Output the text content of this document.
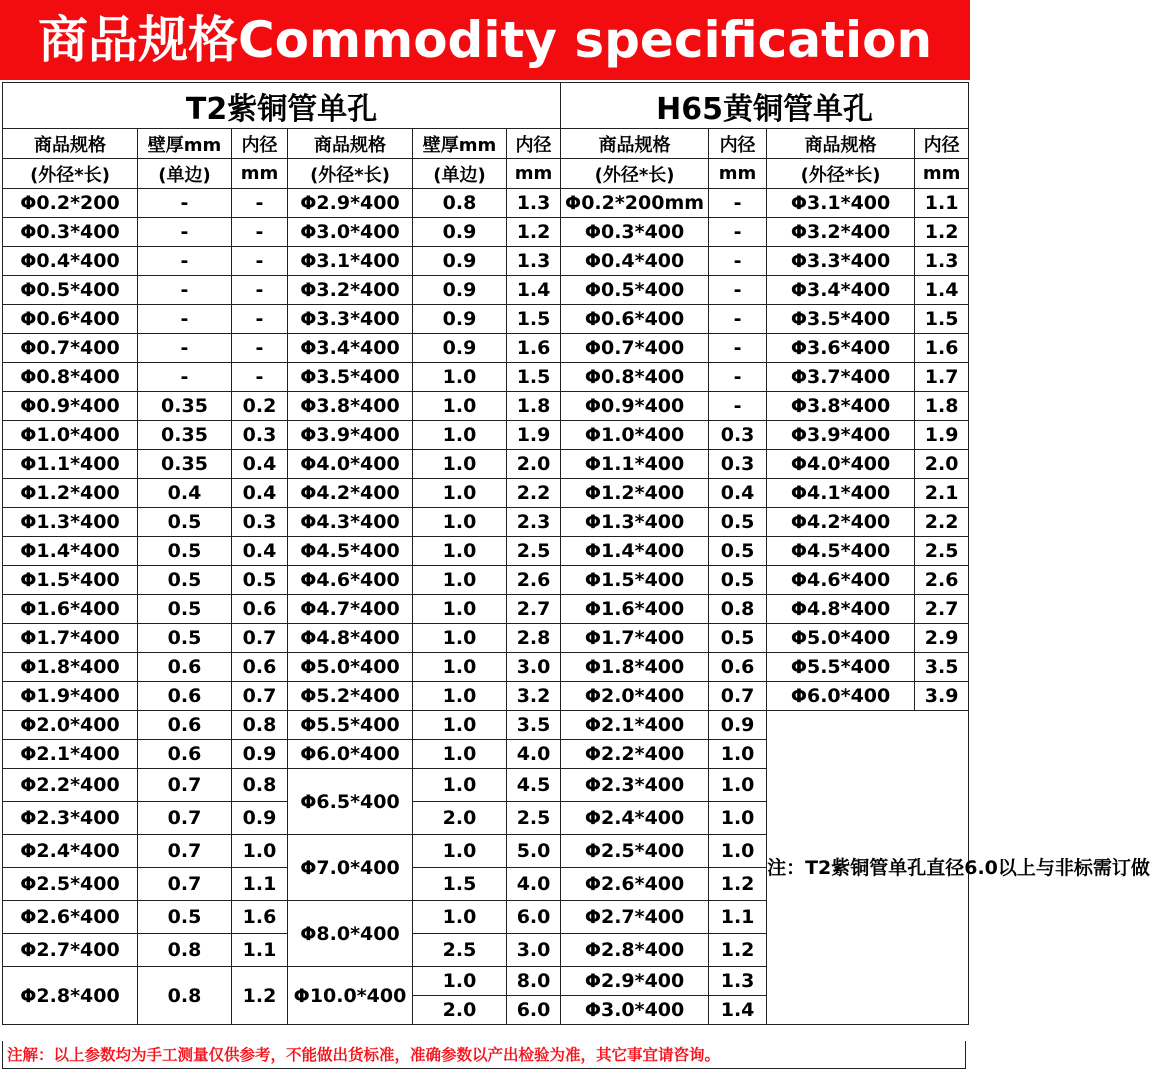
商品规格Commodity specification
T2紫铜管单孔						H65黄铜管单孔			
商品规格	壁厚mm	内径	商品规格	壁厚mm	内径	商品规格	内径	商品规格	内径
(外径*长)	(单边)	mm	(外径*长)	(单边)	mm	(外径*长)	mm	(外径*长)	mm
Φ0.2*200	-	-	Φ2.9*400	0.8	1.3	Φ0.2*200mm	-	Φ3.1*400	1.1
Φ0.3*400	-	-	Φ3.0*400	0.9	1.2	Φ0.3*400	-	Φ3.2*400	1.2
Φ0.4*400	-	-	Φ3.1*400	0.9	1.3	Φ0.4*400	-	Φ3.3*400	1.3
Φ0.5*400	-	-	Φ3.2*400	0.9	1.4	Φ0.5*400	-	Φ3.4*400	1.4
Φ0.6*400	-	-	Φ3.3*400	0.9	1.5	Φ0.6*400	-	Φ3.5*400	1.5
Φ0.7*400	-	-	Φ3.4*400	0.9	1.6	Φ0.7*400	-	Φ3.6*400	1.6
Φ0.8*400	-	-	Φ3.5*400	1.0	1.5	Φ0.8*400	-	Φ3.7*400	1.7
Φ0.9*400	0.35	0.2	Φ3.8*400	1.0	1.8	Φ0.9*400	-	Φ3.8*400	1.8
Φ1.0*400	0.35	0.3	Φ3.9*400	1.0	1.9	Φ1.0*400	0.3	Φ3.9*400	1.9
Φ1.1*400	0.35	0.4	Φ4.0*400	1.0	2.0	Φ1.1*400	0.3	Φ4.0*400	2.0
Φ1.2*400	0.4	0.4	Φ4.2*400	1.0	2.2	Φ1.2*400	0.4	Φ4.1*400	2.1
Φ1.3*400	0.5	0.3	Φ4.3*400	1.0	2.3	Φ1.3*400	0.5	Φ4.2*400	2.2
Φ1.4*400	0.5	0.4	Φ4.5*400	1.0	2.5	Φ1.4*400	0.5	Φ4.5*400	2.5
Φ1.5*400	0.5	0.5	Φ4.6*400	1.0	2.6	Φ1.5*400	0.5	Φ4.6*400	2.6
Φ1.6*400	0.5	0.6	Φ4.7*400	1.0	2.7	Φ1.6*400	0.8	Φ4.8*400	2.7
Φ1.7*400	0.5	0.7	Φ4.8*400	1.0	2.8	Φ1.7*400	0.5	Φ5.0*400	2.9
Φ1.8*400	0.6	0.6	Φ5.0*400	1.0	3.0	Φ1.8*400	0.6	Φ5.5*400	3.5
Φ1.9*400	0.6	0.7	Φ5.2*400	1.0	3.2	Φ2.0*400	0.7	Φ6.0*400	3.9
Φ2.0*400	0.6	0.8	Φ5.5*400	1.0	3.5	Φ2.1*400	0.9	注：T2紫铜管单孔直径6.0以上与非标需订做	
Φ2.1*400	0.6	0.9	Φ6.0*400	1.0	4.0	Φ2.2*400	1.0		
Φ2.2*400	0.7	0.8	Φ6.5*400	1.0	4.5	Φ2.3*400	1.0		
Φ2.3*400	0.7	0.9		2.0	2.5	Φ2.4*400	1.0		
Φ2.4*400	0.7	1.0	Φ7.0*400	1.0	5.0	Φ2.5*400	1.0		
Φ2.5*400	0.7	1.1		1.5	4.0	Φ2.6*400	1.2		
Φ2.6*400	0.5	1.6	Φ8.0*400	1.0	6.0	Φ2.7*400	1.1		
Φ2.7*400	0.8	1.1		2.5	3.0	Φ2.8*400	1.2		
Φ2.8*400	0.8	1.2	Φ10.0*400	1.0	8.0	Φ2.9*400	1.3		
				2.0	6.0	Φ3.0*400	1.4		
注解：以上参数均为手工测量仅供参考，不能做出货标准，准确参数以产出检验为准，其它事宜请咨询。
